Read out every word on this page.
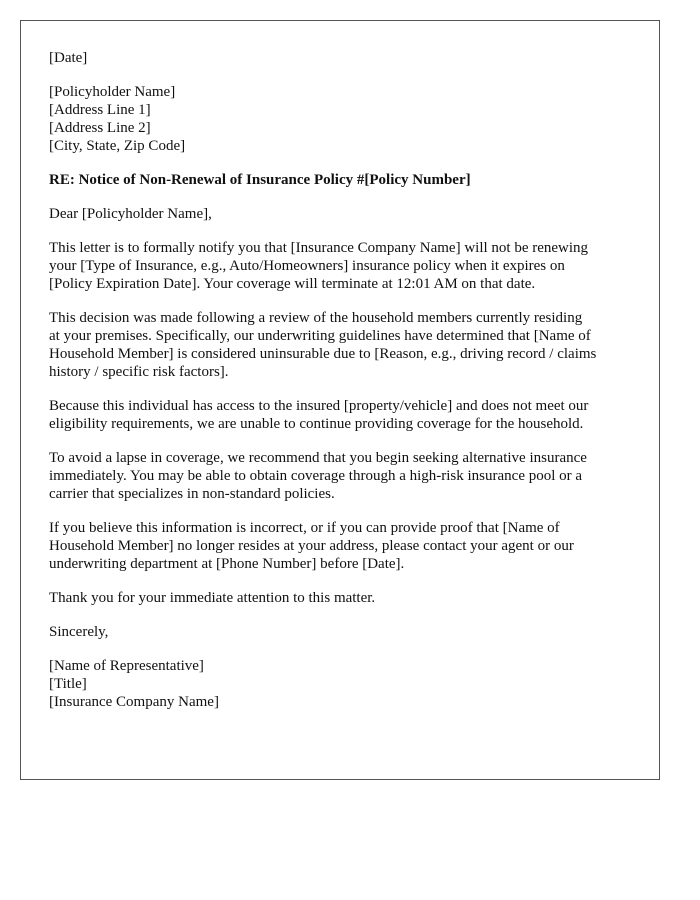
[Date]
[Policyholder Name]
[Address Line 1]
[Address Line 2]
[City, State, Zip Code]
RE: Notice of Non-Renewal of Insurance Policy #[Policy Number]
Dear [Policyholder Name],
This letter is to formally notify you that [Insurance Company Name] will not be renewing
your [Type of Insurance, e.g., Auto/Homeowners] insurance policy when it expires on
[Policy Expiration Date]. Your coverage will terminate at 12:01 AM on that date.
This decision was made following a review of the household members currently residing
at your premises. Specifically, our underwriting guidelines have determined that [Name of
Household Member] is considered uninsurable due to [Reason, e.g., driving record / claims
history / specific risk factors].
Because this individual has access to the insured [property/vehicle] and does not meet our
eligibility requirements, we are unable to continue providing coverage for the household.
To avoid a lapse in coverage, we recommend that you begin seeking alternative insurance
immediately. You may be able to obtain coverage through a high-risk insurance pool or a
carrier that specializes in non-standard policies.
If you believe this information is incorrect, or if you can provide proof that [Name of
Household Member] no longer resides at your address, please contact your agent or our
underwriting department at [Phone Number] before [Date].
Thank you for your immediate attention to this matter.
Sincerely,
[Name of Representative]
[Title]
[Insurance Company Name]
